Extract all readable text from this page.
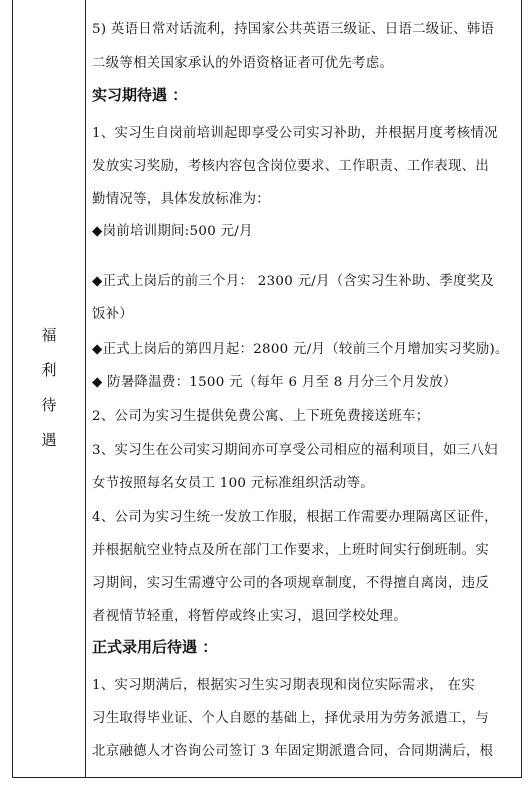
福
利
待
遇
5) 英语日常对话流利，持国家公共英语三级证、日语二级证、韩语
二级等相关国家承认的外语资格证者可优先考虑。
实习期待遇 ：
1、实习生自岗前培训起即享受公司实习补助，并根据月度考核情况
发放实习奖励，考核内容包含岗位要求、工作职责、工作表现、出
勤情况等，具体发放标准为：
◆岗前培训期间:500 元/月
◆正式上岗后的前三个月： 2300 元/月（含实习生补助、季度奖及
饭补）
◆正式上岗后的第四月起：2800 元/月（较前三个月增加实习奖励)。
◆ 防暑降温费：1500 元（每年 6 月至 8 月分三个月发放）
2、公司为实习生提供免费公寓、上下班免费接送班车；
3、实习生在公司实习期间亦可享受公司相应的福利项目，如三八妇
女节按照每名女员工 100 元标准组织活动等。
4、公司为实习生统一发放工作服，根据工作需要办理隔离区证件，
并根据航空业特点及所在部门工作要求，上班时间实行倒班制。实
习期间，实习生需遵守公司的各项规章制度，不得擅自离岗，违反
者视情节轻重，将暂停或终止实习，退回学校处理。
正式录用后待遇 ：
1、实习期满后，根据实习生实习期表现和岗位实际需求， 在实
习生取得毕业证、个人自愿的基础上，择优录用为劳务派遣工，与
北京融德人才咨询公司签订 3 年固定期派遣合同，合同期满后，根
